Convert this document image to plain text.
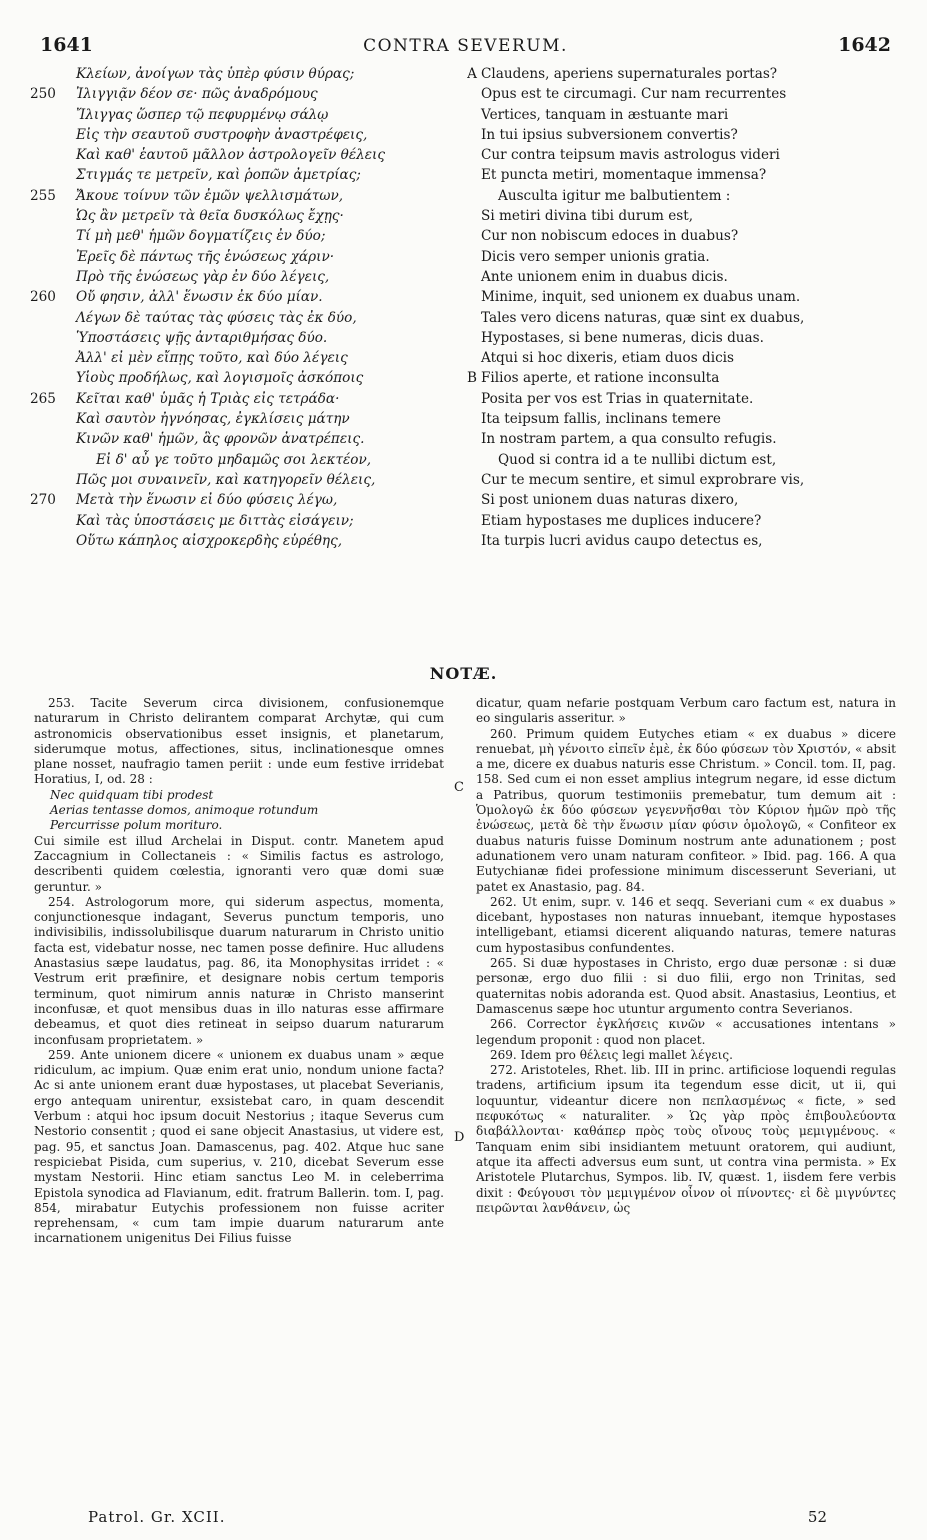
1641	CONTRA SEVERUM.	1642
Κλείων, ἀνοίγων τὰς ὑπὲρ φύσιν θύρας;	A Claudens, aperiens supernaturales portas?
250	Ἰλιγγιᾷν δέον σε· πῶς ἀναδρόμους	Opus est te circumagi. Cur nam recurrentes
Ἴλιγγας ὥσπερ τῷ πεφυρμένῳ σάλῳ	Vertices, tanquam in æstuante mari
Εἰς τὴν σεαυτοῦ συστροφὴν ἀναστρέφεις,	In tui ipsius subversionem convertis?
Καὶ καθ' ἑαυτοῦ μᾶλλον ἀστρολογεῖν θέλεις	Cur contra teipsum mavis astrologus videri
Στιγμάς τε μετρεῖν, καὶ ῥοπῶν ἀμετρίας;	Et puncta metiri, momentaque immensa?
255	Ἄκουε τοίνυν τῶν ἐμῶν ψελλισμάτων,	Ausculta igitur me balbutientem :
Ὡς ἂν μετρεῖν τὰ θεῖα δυσκόλως ἔχῃς·	Si metiri divina tibi durum est,
Τί μὴ μεθ' ἡμῶν δογματίζεις ἐν δύο;	Cur non nobiscum edoces in duabus?
Ἐρεῖς δὲ πάντως τῆς ἑνώσεως χάριν·	Dicis vero semper unionis gratia.
Πρὸ τῆς ἑνώσεως γὰρ ἐν δύο λέγεις,	Ante unionem enim in duabus dicis.
260	Οὔ φησιν, ἀλλ' ἕνωσιν ἐκ δύο μίαν.	Minime, inquit, sed unionem ex duabus unam.
Λέγων δὲ ταύτας τὰς φύσεις τὰς ἐκ δύο,	Tales vero dicens naturas, quæ sint ex duabus,
Ὑποστάσεις ψῇς ἀνταριθμήσας δύο.	Hypostases, si bene numeras, dicis duas.
Ἀλλ' εἰ μὲν εἴπῃς τοῦτο, καὶ δύο λέγεις	Atqui si hoc dixeris, etiam duos dicis
Υἱοὺς προδήλως, καὶ λογισμοῖς ἀσκόποις	B Filios aperte, et ratione inconsulta
265	Κεῖται καθ' ὑμᾶς ἡ Τριὰς εἰς τετράδα·	Posita per vos est Trias in quaternitate.
Καὶ σαυτὸν ἠγνόησας, ἐγκλίσεις μάτην	Ita teipsum fallis, inclinans temere
Κινῶν καθ' ἡμῶν, ἃς φρονῶν ἀνατρέπεις.	In nostram partem, a qua consulto refugis.
Εἰ δ' αὖ γε τοῦτο μηδαμῶς σοι λεκτέον,	Quod si contra id a te nullibi dictum est,
Πῶς μοι συναινεῖν, καὶ κατηγορεῖν θέλεις,	Cur te mecum sentire, et simul exprobrare vis,
270	Μετὰ τὴν ἕνωσιν εἰ δύο φύσεις λέγω,	Si post unionem duas naturas dixero,
Καὶ τὰς ὑποστάσεις με διττὰς εἰσάγειν;	Etiam hypostases me duplices inducere?
Οὕτω κάπηλος αἰσχροκερδὴς εὑρέθης,	Ita turpis lucri avidus caupo detectus es,
NOTÆ.

253. Tacite Severum circa divisionem, confusionemque naturarum in Christo delirantem comparat Archytæ, qui cum astronomicis observationibus esset insignis, et planetarum, siderumque motus, affectiones, situs, inclinationesque omnes plane nosset, naufragio tamen periit : unde eum festive irridebat Horatius, I, od. 28 :

Nec quidquam tibi prodest

Aerias tentasse domos, animoque rotundum

Percurrisse polum morituro.

Cui simile est illud Archelai in Disput. contr. Manetem apud Zaccagnium in Collectaneis : « Similis factus es astrologo, describenti quidem cœlestia, ignoranti vero quæ domi suæ geruntur. »

254. Astrologorum more, qui siderum aspectus, momenta, conjunctionesque indagant, Severus punctum temporis, uno indivisibilis, indissolubilisque duarum naturarum in Christo unitio facta est, videbatur nosse, nec tamen posse definire. Huc alludens Anastasius sæpe laudatus, pag. 86, ita Monophysitas irridet : « Vestrum erit præfinire, et designare nobis certum temporis terminum, quot nimirum annis naturæ in Christo manserint inconfusæ, et quot mensibus duas in illo naturas esse affirmare debeamus, et quot dies retineat in seipso duarum naturarum inconfusam proprietatem. »

259. Ante unionem dicere « unionem ex duabus unam » æque ridiculum, ac impium. Quæ enim erat unio, nondum unione facta? Ac si ante unionem erant duæ hypostases, ut placebat Severianis, ergo antequam unirentur, exsistebat caro, in quam descendit Verbum : atqui hoc ipsum docuit Nestorius ; itaque Severus cum Nestorio consentit ; quod ei sane objecit Anastasius, ut videre est, pag. 95, et sanctus Joan. Damascenus, pag. 402. Atque huc sane respiciebat Pisida, cum superius, v. 210, dicebat Severum esse mystam Nestorii. Hinc etiam sanctus Leo M. in celeberrima Epistola synodica ad Flavianum, edit. fratrum Ballerin. tom. I, pag. 854, mirabatur Eutychis professionem non fuisse acriter reprehensam, « cum tam impie duarum naturarum ante incarnationem unigenitus Dei Filius fuisse

dicatur, quam nefarie postquam Verbum caro factum est, natura in eo singularis asseritur. »

260. Primum quidem Eutyches etiam « ex duabus » dicere renuebat, μὴ γένοιτο εἰπεῖν ἐμὲ, ἐκ δύο φύσεων τὸν Χριστόν, « absit a me, dicere ex duabus naturis esse Christum. » Concil. tom. II, pag. 158. Sed cum ei non esset amplius integrum negare, id esse dictum a Patribus, quorum testimoniis premebatur, tum demum ait : Ὁμολογῶ ἐκ δύο φύσεων γεγεννῆσθαι τὸν Κύριον ἡμῶν πρὸ τῆς ἑνώσεως, μετὰ δὲ τὴν ἕνωσιν μίαν φύσιν ὁμολογῶ, « Confiteor ex duabus naturis fuisse Dominum nostrum ante adunationem ; post adunationem vero unam naturam confiteor. » Ibid. pag. 166. A qua Eutychianæ fidei professione minimum discesserunt Severiani, ut patet ex Anastasio, pag. 84.

262. Ut enim, supr. v. 146 et seqq. Severiani cum « ex duabus » dicebant, hypostases non naturas innuebant, itemque hypostases intelligebant, etiamsi dicerent aliquando naturas, temere naturas cum hypostasibus confundentes.

265. Si duæ hypostases in Christo, ergo duæ personæ : si duæ personæ, ergo duo filii : si duo filii, ergo non Trinitas, sed quaternitas nobis adoranda est. Quod absit. Anastasius, Leontius, et Damascenus sæpe hoc utuntur argumento contra Severianos.

266. Corrector ἐγκλήσεις κινῶν « accusationes intentans » legendum proponit : quod non placet.

269. Idem pro θέλεις legi mallet λέγεις.

272. Aristoteles, Rhet. lib. III in princ. artificiose loquendi regulas tradens, artificium ipsum ita tegendum esse dicit, ut ii, qui loquuntur, videantur dicere non πεπλασμένως « ficte, » sed πεφυκότως « naturaliter. » Ὡς γὰρ πρὸς ἐπιβουλεύοντα διαβάλλονται· καθάπερ πρὸς τοὺς οἴνους τοὺς μεμιγμένους. « Tanquam enim sibi insidiantem metuunt oratorem, qui audiunt, atque ita affecti adversus eum sunt, ut contra vina permista. » Ex Aristotele Plutarchus, Sympos. lib. IV, quæst. 1, iisdem fere verbis dixit : Φεύγουσι τὸν μεμιγμένον οἶνον οἱ πίνοντες· εἰ δὲ μιγνύντες πειρῶνται λανθάνειν, ὡς

C
D
Patrol. Gr. XCII.	52
